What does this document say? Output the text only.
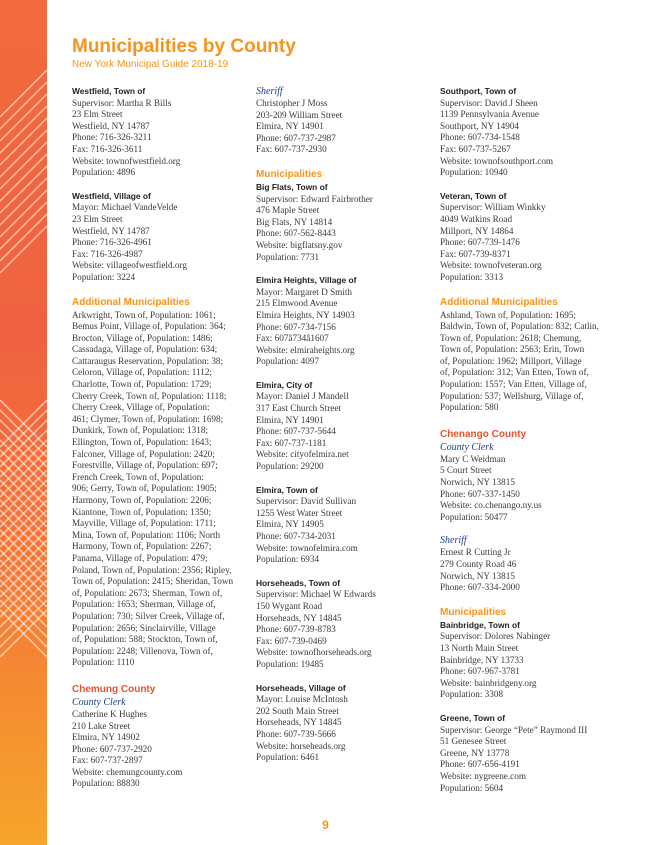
Municipalities by County
New York Municipal Guide 2018-19
Westfield, Town of
Supervisor: Martha R Bills
23 Elm Street
Westfield, NY 14787
Phone: 716-326-3211
Fax: 716-326-3611
Website: townofwestfield.org
Population: 4896
Westfield, Village of
Mayor: Michael VandeVelde
23 Elm Street
Westfield, NY 14787
Phone: 716-326-4961
Fax: 716-326-4987
Website: villageofwestfield.org
Population: 3224
Additional Municipalities
Arkwright, Town of, Population: 1061;
Bemus Point, Village of, Population: 364;
Brocton, Village of, Population: 1486;
Cassadaga, Village of, Population: 634;
Cattaraugus Reservation, Population: 38;
Celoron, Village of, Population: 1112;
Charlotte, Town of, Population: 1729;
Cherry Creek, Town of, Population: 1118;
Cherry Creek, Village of, Population:
461; Clymer, Town of, Population: 1698;
Dunkirk, Town of, Population: 1318;
Ellington, Town of, Population: 1643;
Falconer, Village of, Population: 2420;
Forestville, Village of, Population: 697;
French Creek, Town of, Population:
906; Gerry, Town of, Population: 1905;
Harmony, Town of, Population: 2206;
Kiantone, Town of, Population: 1350;
Mayville, Village of, Population: 1711;
Mina, Town of, Population: 1106; North
Harmony, Town of, Population: 2267;
Panama, Village of, Population: 479;
Poland, Town of, Population: 2356; Ripley,
Town of, Population: 2415; Sheridan, Town
of, Population: 2673; Sherman, Town of,
Population: 1653; Sherman, Village of,
Population: 730; Silver Creek, Village of,
Population: 2656; Sinclairville, Village
of, Population: 588; Stockton, Town of,
Population: 2248; Villenova, Town of,
Population: 1110
Chemung County
County Clerk
Catherine K Hughes
210 Lake Street
Elmira, NY 14902
Phone: 607-737-2920
Fax: 607-737-2897
Website: chemungcounty.com
Population: 88830
Sheriff
Christopher J Moss
203-209 William Street
Elmira, NY 14901
Phone: 607-737-2987
Fax: 607-737-2930
Municipalities
Big Flats, Town of
Supervisor: Edward Fairbrother
476 Maple Street
Big Flats, NY 14814
Phone: 607-562-8443
Website: bigflatsny.gov
Population: 7731
Elmira Heights, Village of
Mayor: Margaret D Smith
215 Elmwood Avenue
Elmira Heights, NY 14903
Phone: 607-734-7156
Fax: 607â734â1607
Website: elmiraheights.org
Population: 4097
Elmira, City of
Mayor: Daniel J Mandell
317 East Church Street
Elmira, NY 14901
Phone: 607-737-5644
Fax: 607-737-1181
Website: cityofelmira.net
Population: 29200
Elmira, Town of
Supervisor: David Sullivan
1255 West Water Street
Elmira, NY 14905
Phone: 607-734-2031
Website: townofelmira.com
Population: 6934
Horseheads, Town of
Supervisor: Michael W Edwards
150 Wygant Road
Horseheads, NY 14845
Phone: 607-739-8783
Fax: 607-739-0469
Website: townofhorseheads.org
Population: 19485
Horseheads, Village of
Mayor: Louise McIntosh
202 South Main Street
Horseheads, NY 14845
Phone: 607-739-5666
Website: horseheads.org
Population: 6461
Southport, Town of
Supervisor: David J Sheen
1139 Pennsylvania Avenue
Southport, NY 14904
Phone: 607-734-1548
Fax: 607-737-5267
Website: townofsouthport.com
Population: 10940
Veteran, Town of
Supervisor: William Winkky
4049 Watkins Road
Millport, NY 14864
Phone: 607-739-1476
Fax: 607-739-8371
Website: townofveteran.org
Population: 3313
Additional Municipalities
Ashland, Town of, Population: 1695;
Baldwin, Town of, Population: 832; Catlin,
Town of, Population: 2618; Chemung,
Town of, Population: 2563; Erin, Town
of, Population: 1962; Millport, Village
of, Population: 312; Van Etten, Town of,
Population: 1557; Van Etten, Village of,
Population: 537; Wellsburg, Village of,
Population: 580
Chenango County
County Clerk
Mary C Weidman
5 Court Street
Norwich, NY 13815
Phone: 607-337-1450
Website: co.chenango.ny.us
Population: 50477
Sheriff
Ernest R Cutting Jr
279 County Road 46
Norwich, NY 13815
Phone: 607-334-2000
Municipalities
Bainbridge, Town of
Supervisor: Dolores Nabinger
13 North Main Street
Bainbridge, NY 13733
Phone: 607-967-3781
Website: bainbridgeny.org
Population: 3308
Greene, Town of
Supervisor: George “Pete” Raymond III
51 Genesee Street
Greene, NY 13778
Phone: 607-656-4191
Website: nygreene.com
Population: 5604
9
